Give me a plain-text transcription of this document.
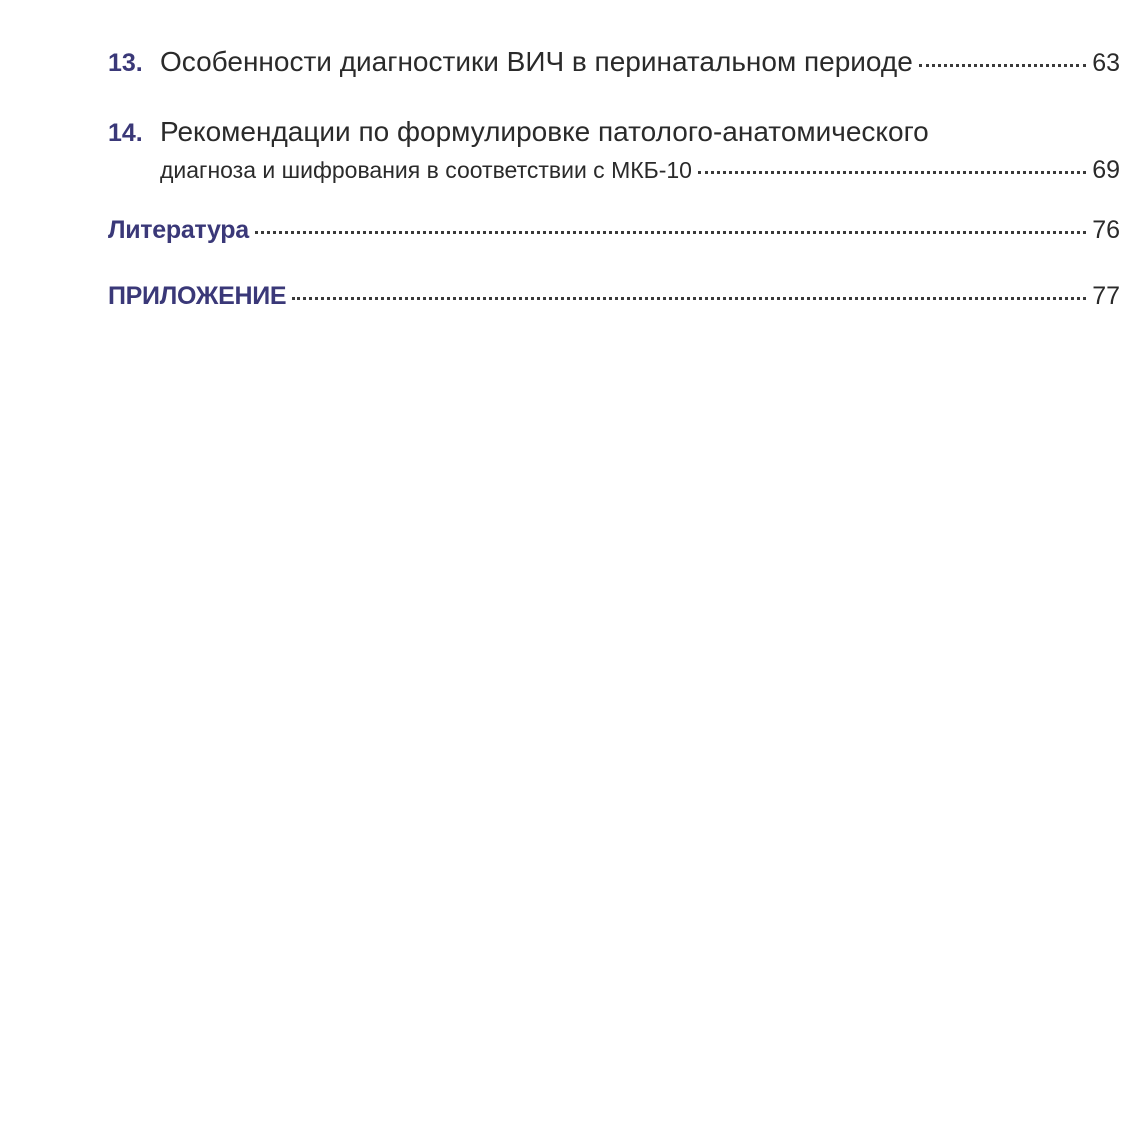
13. Особенности диагностики ВИЧ в перинатальном периоде	63
14. Рекомендации по формулировке патолого-анатомического
диагноза и шифрования в соответствии с МКБ-10	69
Литература	76
ПРИЛОЖЕНИЕ	77
